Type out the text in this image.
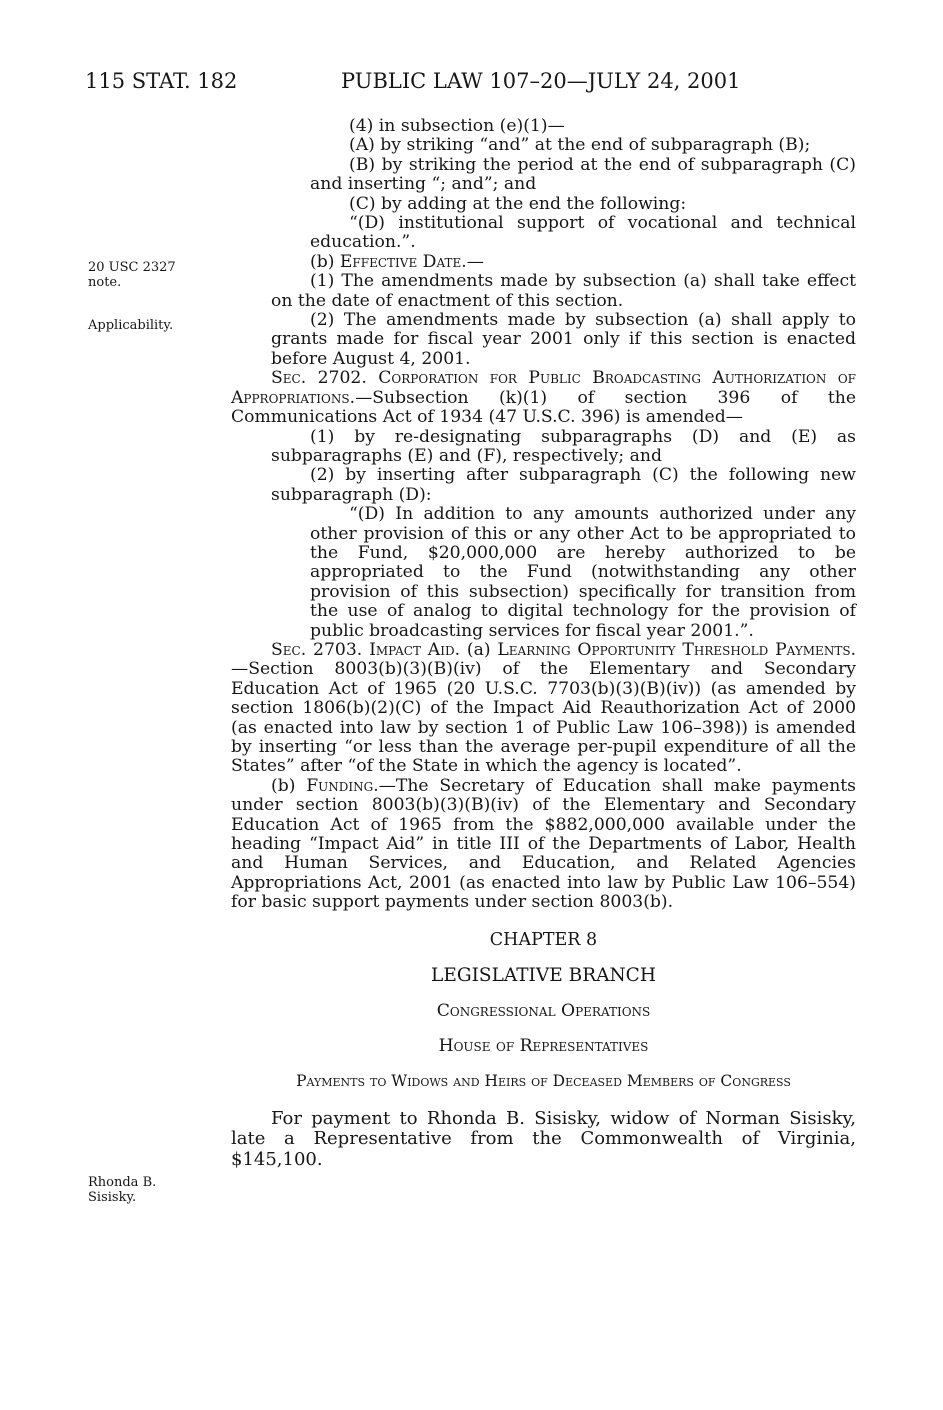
115 STAT. 182	PUBLIC LAW 107–20—JULY 24, 2001
20 USC 2327
note.
Applicability.
Rhonda B.
Sisisky.

(4) in subsection (e)(1)—

(A) by striking “and” at the end of subparagraph (B);

(B) by striking the period at the end of subparagraph (C) and inserting “; and”; and

(C) by adding at the end the following:

“(D) institutional support of vocational and technical education.”.

(b) Effective Date.—

(1) The amendments made by subsection (a) shall take effect on the date of enactment of this section.

(2) The amendments made by subsection (a) shall apply to grants made for fiscal year 2001 only if this section is enacted before August 4, 2001.

Sec. 2702. Corporation for Public Broadcasting Authorization of Appropriations.—Subsection (k)(1) of section 396 of the Communications Act of 1934 (47 U.S.C. 396) is amended—

(1) by re-designating subparagraphs (D) and (E) as subparagraphs (E) and (F), respectively; and

(2) by inserting after subparagraph (C) the following new subparagraph (D):

“(D) In addition to any amounts authorized under any other provision of this or any other Act to be appropriated to the Fund, $20,000,000 are hereby authorized to be appropriated to the Fund (notwithstanding any other provision of this subsection) specifically for transition from the use of analog to digital technology for the provision of public broadcasting services for fiscal year 2001.”.

Sec. 2703. Impact Aid. (a) Learning Opportunity Threshold Payments.—Section 8003(b)(3)(B)(iv) of the Elementary and Secondary Education Act of 1965 (20 U.S.C. 7703(b)(3)(B)(iv)) (as amended by section 1806(b)(2)(C) of the Impact Aid Reauthorization Act of 2000 (as enacted into law by section 1 of Public Law 106–398)) is amended by inserting “or less than the average per-pupil expenditure of all the States” after “of the State in which the agency is located”.

(b) Funding.—The Secretary of Education shall make payments under section 8003(b)(3)(B)(iv) of the Elementary and Secondary Education Act of 1965 from the $882,000,000 available under the heading “Impact Aid” in title III of the Departments of Labor, Health and Human Services, and Education, and Related Agencies Appropriations Act, 2001 (as enacted into law by Public Law 106–554) for basic support payments under section 8003(b).

CHAPTER 8

LEGISLATIVE BRANCH

Congressional Operations

House of Representatives

Payments to Widows and Heirs of Deceased Members of Congress

For payment to Rhonda B. Sisisky, widow of Norman Sisisky, late a Representative from the Commonwealth of Virginia, $145,100.
